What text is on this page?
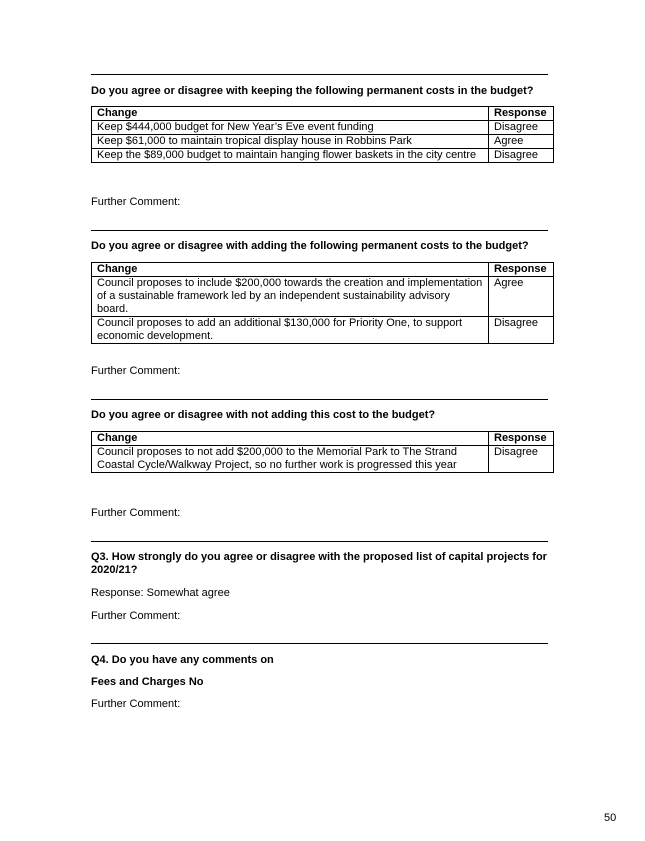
Do you agree or disagree with keeping the following permanent costs in the budget?
Change	Response
Keep $444,000 budget for New Year’s Eve event funding	Disagree
Keep $61,000 to maintain tropical display house in Robbins Park	Agree
Keep the $89,000 budget to maintain hanging flower baskets in the city centre	Disagree
Further Comment:
Do you agree or disagree with adding the following permanent costs to the budget?
Change	Response
Council proposes to include $200,000 towards the creation and implementation of a sustainable framework led by an independent sustainability advisory board.	Agree
Council proposes to add an additional $130,000 for Priority One, to support economic development.	Disagree
Further Comment:
Do you agree or disagree with not adding this cost to the budget?
Change	Response
Council proposes to not add $200,000 to the Memorial Park to The Strand Coastal Cycle/Walkway Project, so no further work is progressed this year	Disagree
Further Comment:
Q3. How strongly do you agree or disagree with the proposed list of capital projects for 2020/21?
Response: Somewhat agree
Further Comment:
Q4. Do you have any comments on
Fees and Charges No
Further Comment:
50
